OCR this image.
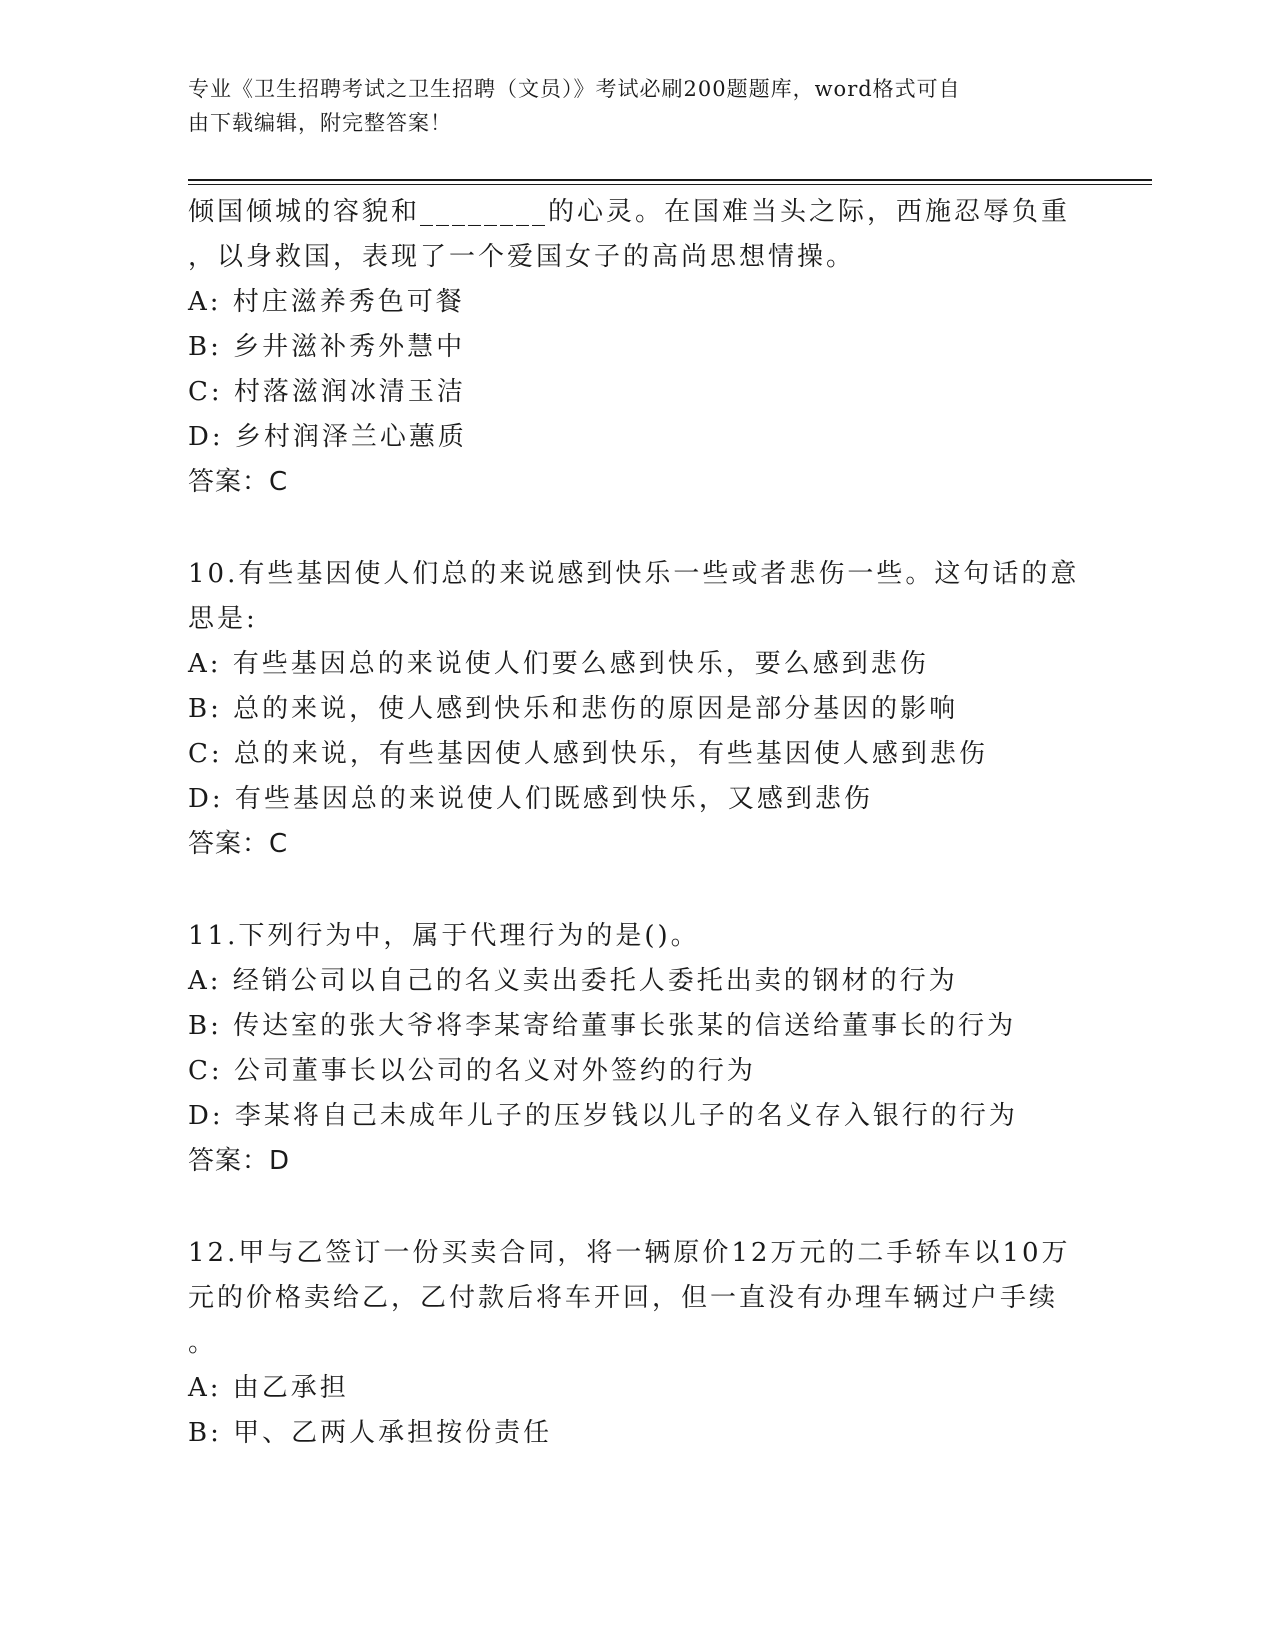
专业《卫生招聘考试之卫生招聘（文员）》考试必刷200题题库，word格式可自
由下载编辑，附完整答案！
倾国倾城的容貌和________的心灵。在国难当头之际，西施忍辱负重
，以身救国，表现了一个爱国女子的高尚思想情操。
A: 村庄滋养秀色可餐
B: 乡井滋补秀外慧中
C: 村落滋润冰清玉洁
D: 乡村润泽兰心蕙质
答案：C
10.有些基因使人们总的来说感到快乐一些或者悲伤一些。这句话的意
思是:
A: 有些基因总的来说使人们要么感到快乐，要么感到悲伤
B: 总的来说，使人感到快乐和悲伤的原因是部分基因的影响
C: 总的来说，有些基因使人感到快乐，有些基因使人感到悲伤
D: 有些基因总的来说使人们既感到快乐，又感到悲伤
答案：C
11.下列行为中，属于代理行为的是()。
A: 经销公司以自己的名义卖出委托人委托出卖的钢材的行为
B: 传达室的张大爷将李某寄给董事长张某的信送给董事长的行为
C: 公司董事长以公司的名义对外签约的行为
D: 李某将自己未成年儿子的压岁钱以儿子的名义存入银行的行为
答案：D
12.甲与乙签订一份买卖合同，将一辆原价12万元的二手轿车以10万
元的价格卖给乙，乙付款后将车开回，但一直没有办理车辆过户手续
。
A: 由乙承担
B: 甲、乙两人承担按份责任
